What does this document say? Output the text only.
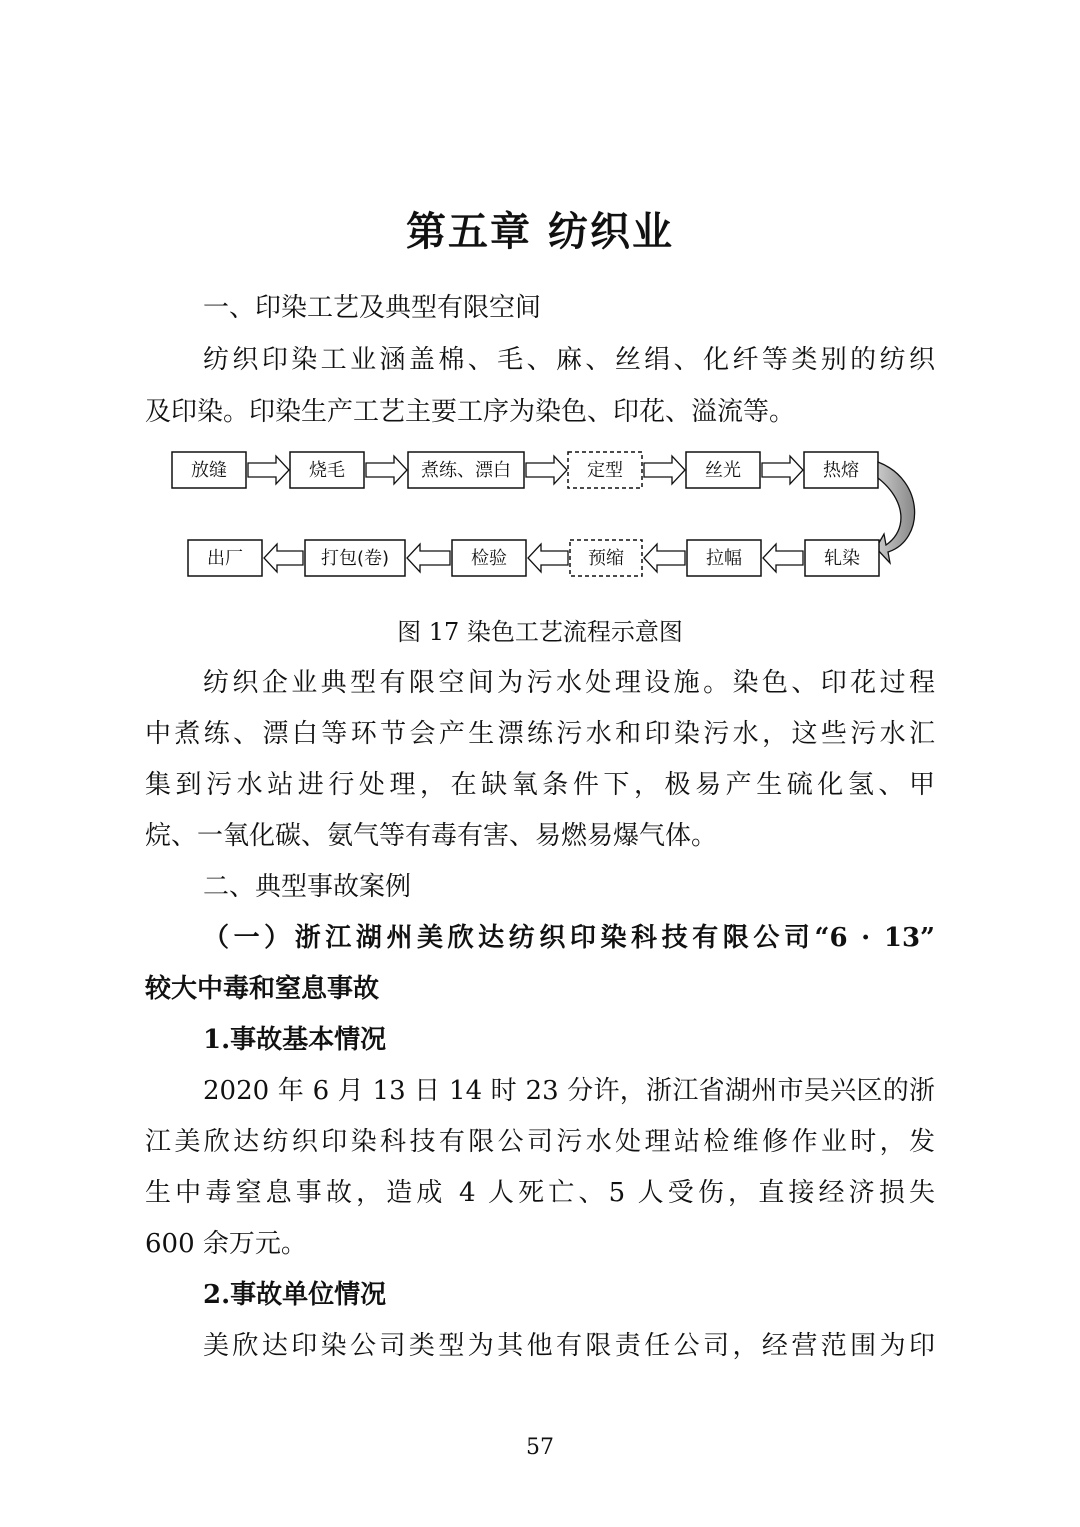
第五章 纺织业
一、印染工艺及典型有限空间
纺织印染工业涵盖棉、毛、麻、丝绢、化纤等类别的纺织
及印染。印染生产工艺主要工序为染色、印花、溢流等。
放缝	烧毛	煮练、漂白	定型	丝光	热熔
出厂	打包(卷)	检验	预缩	拉幅	轧染
图 17 染色工艺流程示意图
纺织企业典型有限空间为污水处理设施。染色、印花过程
中煮练、漂白等环节会产生漂练污水和印染污水，这些污水汇
集到污水站进行处理，在缺氧条件下，极易产生硫化氢、甲
烷、一氧化碳、氨气等有毒有害、易燃易爆气体。
二、典型事故案例
（一）浙江湖州美欣达纺织印染科技有限公司“6 · 13”
较大中毒和窒息事故
1.事故基本情况
2020 年 6 月 13 日 14 时 23 分许，浙江省湖州市吴兴区的浙
江美欣达纺织印染科技有限公司污水处理站检维修作业时，发
生中毒窒息事故，造成 4 人死亡、5 人受伤，直接经济损失
600 余万元。
2.事故单位情况
美欣达印染公司类型为其他有限责任公司，经营范围为印
57
